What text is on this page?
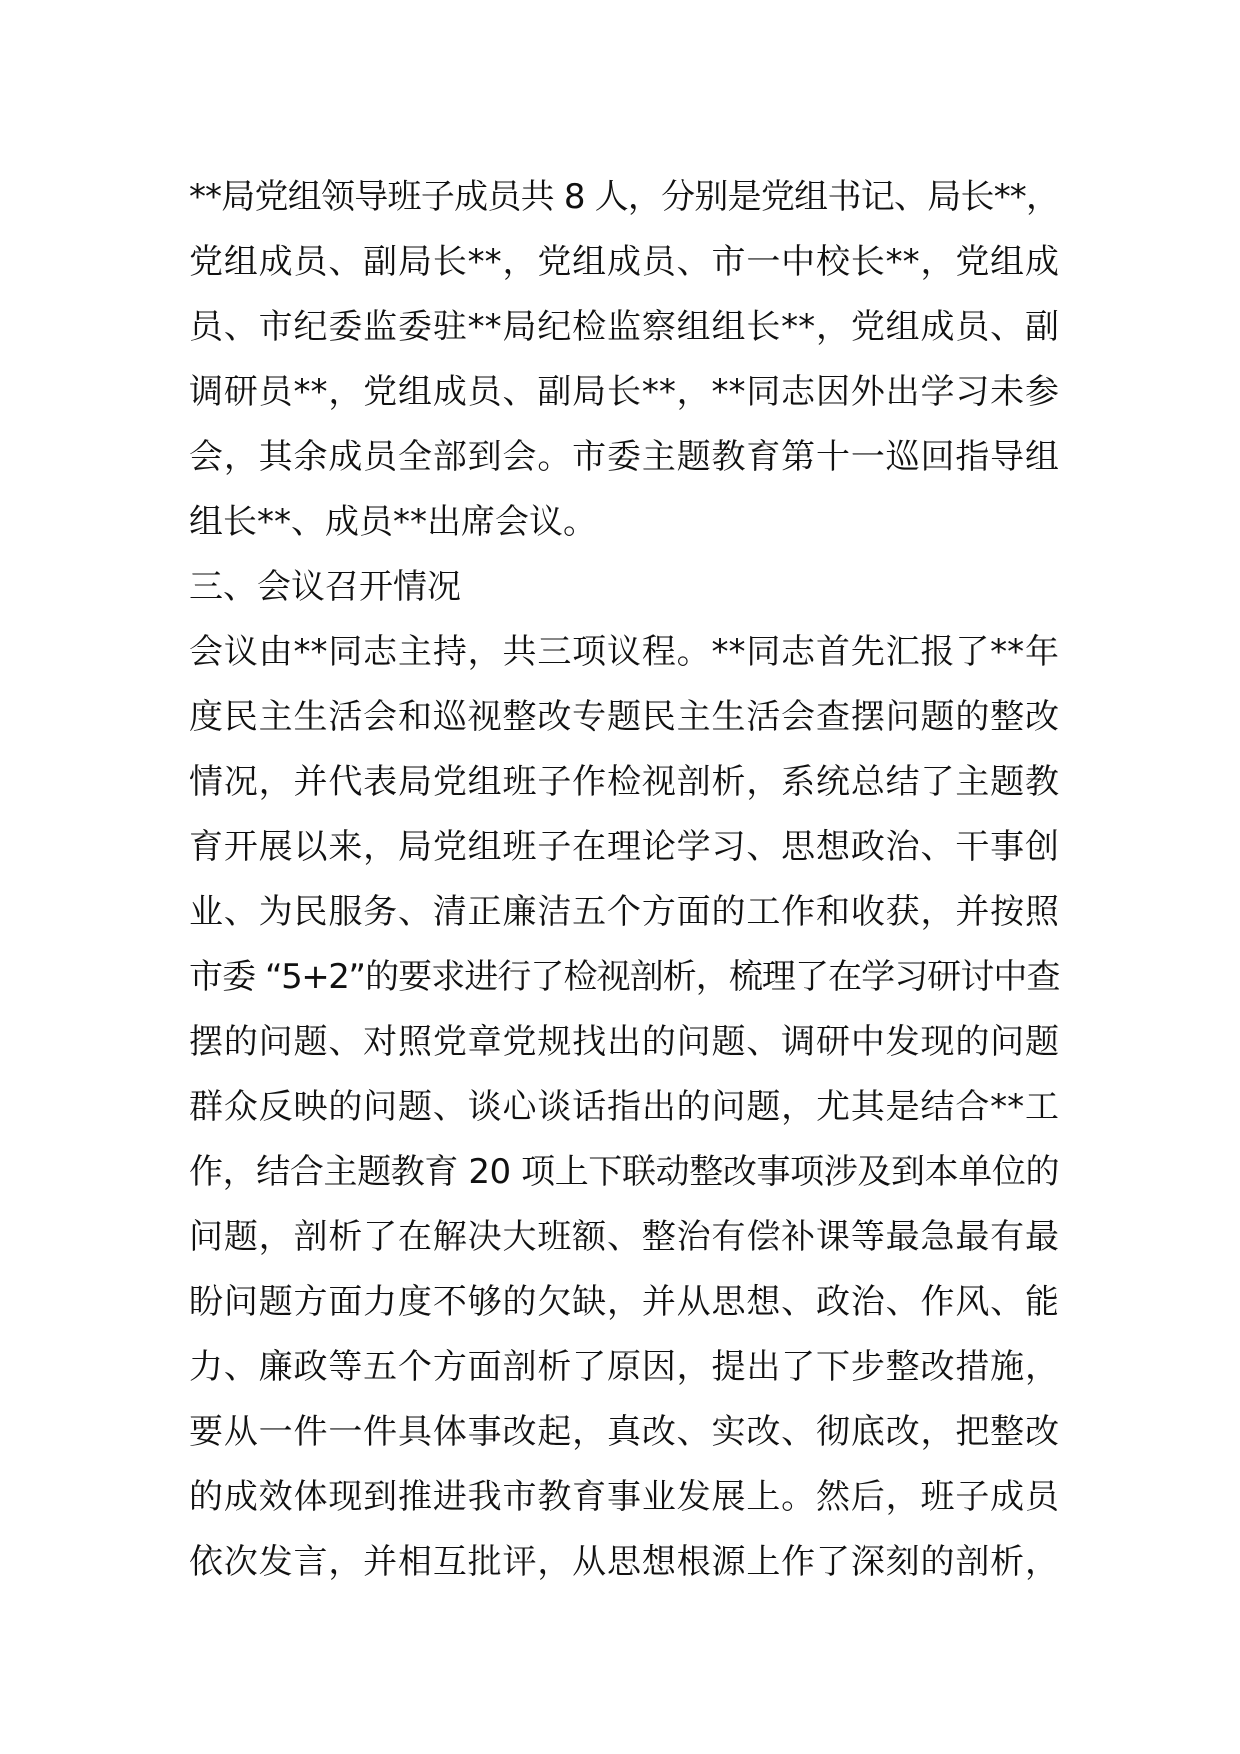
**局党组领导班子成员共 8 人，分别是党组书记、局长**，
党组成员、副局长**，党组成员、市一中校长**，党组成
员、市纪委监委驻**局纪检监察组组长**，党组成员、副
调研员**，党组成员、副局长**，**同志因外出学习未参
会，其余成员全部到会。市委主题教育第十一巡回指导组
组长**、成员**出席会议。
三、会议召开情况
会议由**同志主持，共三项议程。**同志首先汇报了**年
度民主生活会和巡视整改专题民主生活会查摆问题的整改
情况，并代表局党组班子作检视剖析，系统总结了主题教
育开展以来，局党组班子在理论学习、思想政治、干事创
业、为民服务、清正廉洁五个方面的工作和收获，并按照
市委 “5+2”的要求进行了检视剖析，梳理了在学习研讨中查
摆的问题、对照党章党规找出的问题、调研中发现的问题
群众反映的问题、谈心谈话指出的问题，尤其是结合**工
作，结合主题教育 20 项上下联动整改事项涉及到本单位的
问题，剖析了在解决大班额、整治有偿补课等最急最有最
盼问题方面力度不够的欠缺，并从思想、政治、作风、能
力、廉政等五个方面剖析了原因，提出了下步整改措施，
要从一件一件具体事改起，真改、实改、彻底改，把整改
的成效体现到推进我市教育事业发展上。然后，班子成员
依次发言，并相互批评，从思想根源上作了深刻的剖析，
